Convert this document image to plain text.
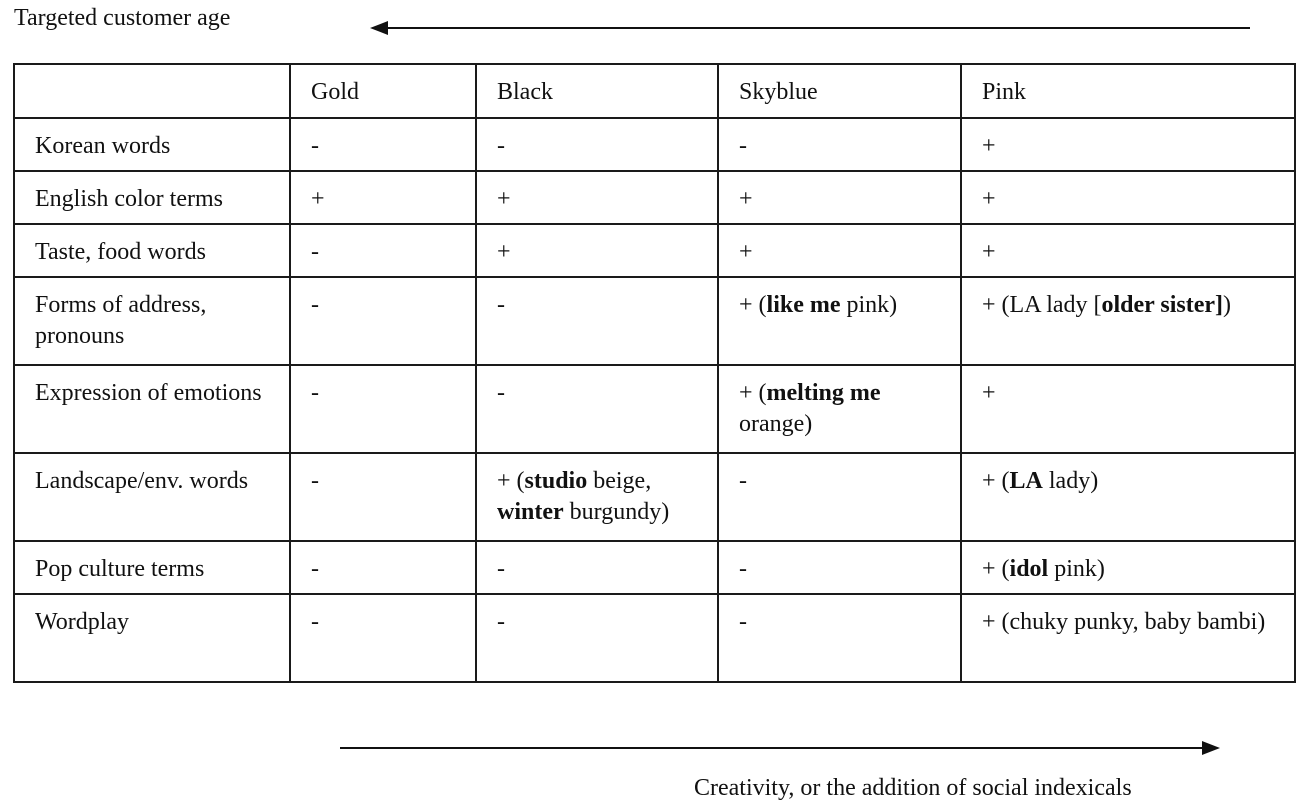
Targeted customer age
	Gold	Black	Skyblue	Pink
Korean words	-	-	-	+
English color terms	+	+	+	+
Taste, food words	-	+	+	+
Forms of address, pronouns	-	-	+ (like me pink)	+ (LA lady [older sister])
Expression of emotions	-	-	+ (melting me orange)	+
Landscape/env. words	-	+ (studio beige, winter burgundy)	-	+ (LA lady)
Pop culture terms	-	-	-	+ (idol pink)
Wordplay	-	-	-	+ (chuky punky, baby bambi)
Creativity, or the addition of social indexicals
